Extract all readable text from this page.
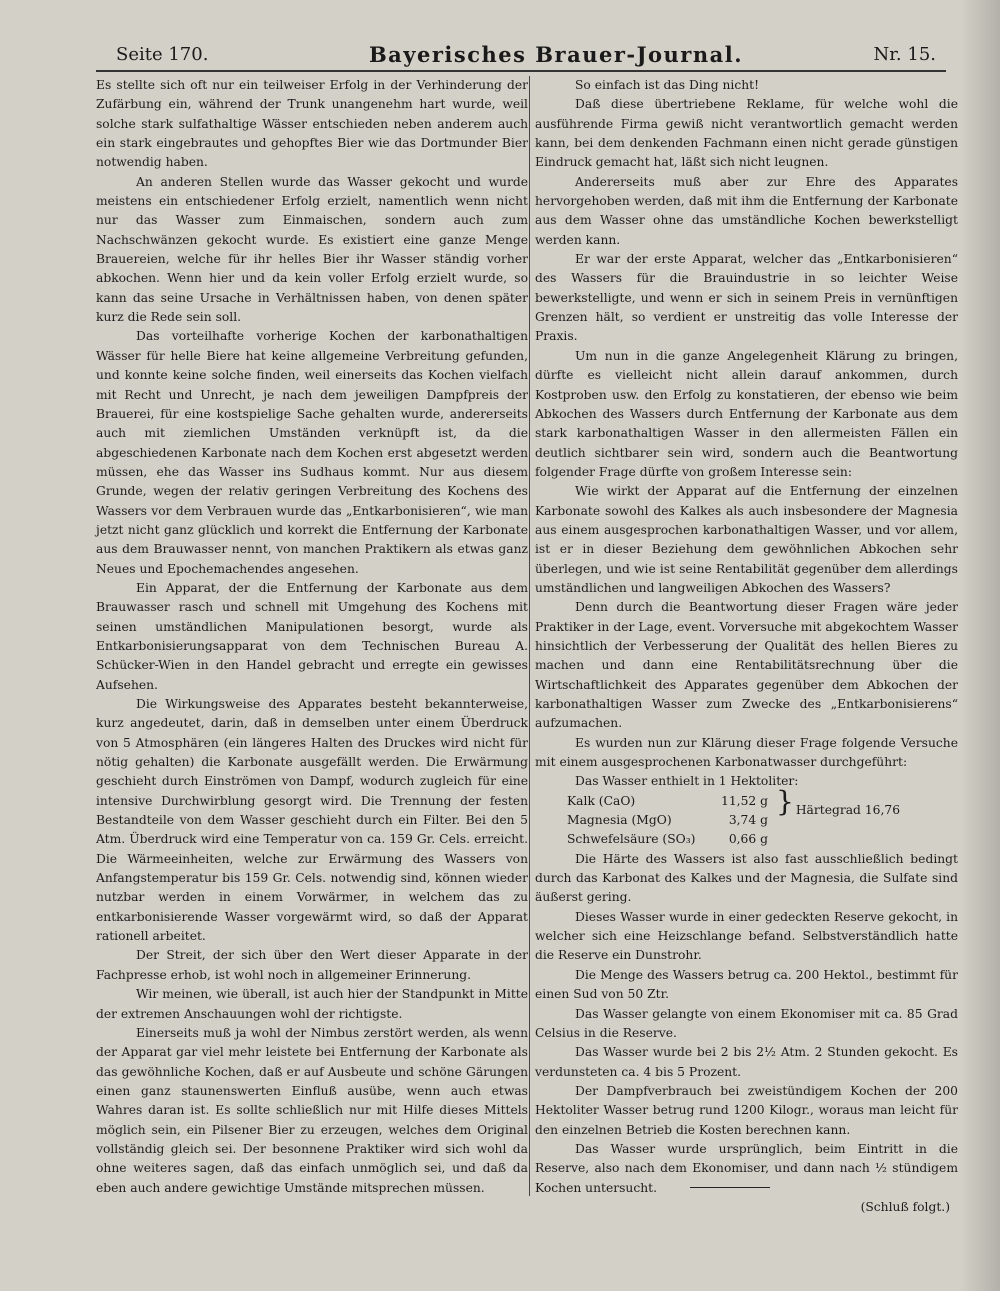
Seite 170.	Bayerisches Brauer-Journal.	Nr. 15.

Es stellte sich oft nur ein teilweiser Erfolg in der Verhinderung der Zufärbung ein, während der Trunk unangenehm hart wurde, weil solche stark sulfathaltige Wässer entschieden neben anderem auch ein stark eingebrautes und gehopftes Bier wie das Dortmunder Bier notwendig haben.

An anderen Stellen wurde das Wasser gekocht und wurde meistens ein entschiedener Erfolg erzielt, namentlich wenn nicht nur das Wasser zum Einmaischen, sondern auch zum Nachschwänzen gekocht wurde. Es existiert eine ganze Menge Brauereien, welche für ihr helles Bier ihr Wasser ständig vorher abkochen. Wenn hier und da kein voller Erfolg erzielt wurde, so kann das seine Ursache in Verhältnissen haben, von denen später kurz die Rede sein soll.

Das vorteilhafte vorherige Kochen der karbonathaltigen Wässer für helle Biere hat keine allgemeine Verbreitung gefunden, und konnte keine solche finden, weil einerseits das Kochen vielfach mit Recht und Unrecht, je nach dem jeweiligen Dampfpreis der Brauerei, für eine kostspielige Sache gehalten wurde, andererseits auch mit ziemlichen Umständen verknüpft ist, da die abgeschiedenen Karbonate nach dem Kochen erst abgesetzt werden müssen, ehe das Wasser ins Sudhaus kommt. Nur aus diesem Grunde, wegen der relativ geringen Verbreitung des Kochens des Wassers vor dem Verbrauen wurde das „Entkarbonisieren“, wie man jetzt nicht ganz glücklich und korrekt die Entfernung der Karbonate aus dem Brauwasser nennt, von manchen Praktikern als etwas ganz Neues und Epochemachendes angesehen.

Ein Apparat, der die Entfernung der Karbonate aus dem Brauwasser rasch und schnell mit Umgehung des Kochens mit seinen umständlichen Manipulationen besorgt, wurde als Entkarbonisierungsapparat von dem Technischen Bureau A. Schücker-Wien in den Handel gebracht und erregte ein gewisses Aufsehen.

Die Wirkungsweise des Apparates besteht bekannterweise, kurz angedeutet, darin, daß in demselben unter einem Überdruck von 5 Atmosphären (ein längeres Halten des Druckes wird nicht für nötig gehalten) die Karbonate ausgefällt werden. Die Erwärmung geschieht durch Einströmen von Dampf, wodurch zugleich für eine intensive Durchwirblung gesorgt wird. Die Trennung der festen Bestandteile von dem Wasser geschieht durch ein Filter. Bei den 5 Atm. Überdruck wird eine Temperatur von ca. 159 Gr. Cels. erreicht. Die Wärmeeinheiten, welche zur Erwärmung des Wassers von Anfangstemperatur bis 159 Gr. Cels. notwendig sind, können wieder nutzbar werden in einem Vorwärmer, in welchem das zu entkarbonisierende Wasser vorgewärmt wird, so daß der Apparat rationell arbeitet.

Der Streit, der sich über den Wert dieser Apparate in der Fachpresse erhob, ist wohl noch in allgemeiner Erinnerung.

Wir meinen, wie überall, ist auch hier der Standpunkt in Mitte der extremen Anschauungen wohl der richtigste.

Einerseits muß ja wohl der Nimbus zerstört werden, als wenn der Apparat gar viel mehr leistete bei Entfernung der Karbonate als das gewöhnliche Kochen, daß er auf Ausbeute und schöne Gärungen einen ganz staunenswerten Einfluß ausübe, wenn auch etwas Wahres daran ist. Es sollte schließlich nur mit Hilfe dieses Mittels möglich sein, ein Pilsener Bier zu erzeugen, welches dem Original vollständig gleich sei. Der besonnene Praktiker wird sich wohl da ohne weiteres sagen, daß das einfach unmöglich sei, und daß da eben auch andere gewichtige Umstände mitsprechen müssen.

So einfach ist das Ding nicht!

Daß diese übertriebene Reklame, für welche wohl die ausführende Firma gewiß nicht verantwortlich gemacht werden kann, bei dem denkenden Fachmann einen nicht gerade günstigen Eindruck gemacht hat, läßt sich nicht leugnen.

Andererseits muß aber zur Ehre des Apparates hervorgehoben werden, daß mit ihm die Entfernung der Karbonate aus dem Wasser ohne das umständliche Kochen bewerkstelligt werden kann.

Er war der erste Apparat, welcher das „Entkarbonisieren“ des Wassers für die Brauindustrie in so leichter Weise bewerkstelligte, und wenn er sich in seinem Preis in vernünftigen Grenzen hält, so verdient er unstreitig das volle Interesse der Praxis.

Um nun in die ganze Angelegenheit Klärung zu bringen, dürfte es vielleicht nicht allein darauf ankommen, durch Kostproben usw. den Erfolg zu konstatieren, der ebenso wie beim Abkochen des Wassers durch Entfernung der Karbonate aus dem stark karbonathaltigen Wasser in den allermeisten Fällen ein deutlich sichtbarer sein wird, sondern auch die Beantwortung folgender Frage dürfte von großem Interesse sein:

Wie wirkt der Apparat auf die Entfernung der einzelnen Karbonate sowohl des Kalkes als auch insbesondere der Magnesia aus einem ausgesprochen karbonathaltigen Wasser, und vor allem, ist er in dieser Beziehung dem gewöhnlichen Abkochen sehr überlegen, und wie ist seine Rentabilität gegenüber dem allerdings umständlichen und langweiligen Abkochen des Wassers?

Denn durch die Beantwortung dieser Fragen wäre jeder Praktiker in der Lage, event. Vorversuche mit abgekochtem Wasser hinsichtlich der Verbesserung der Qualität des hellen Bieres zu machen und dann eine Rentabilitätsrechnung über die Wirtschaftlichkeit des Apparates gegenüber dem Abkochen der karbonathaltigen Wasser zum Zwecke des „Entkarbonisierens“ aufzumachen.

Es wurden nun zur Klärung dieser Frage folgende Versuche mit einem ausgesprochenen Karbonatwasser durchgeführt:

Das Wasser enthielt in 1 Hektoliter:

Kalk (CaO)	11,52 g	}	Härtegrad 16,76
Magnesia (MgO)	3,74 g		
Schwefelsäure (SO₃)	0,66 g		

Die Härte des Wassers ist also fast ausschließlich bedingt durch das Karbonat des Kalkes und der Magnesia, die Sulfate sind äußerst gering.

Dieses Wasser wurde in einer gedeckten Reserve gekocht, in welcher sich eine Heizschlange befand. Selbstverständlich hatte die Reserve ein Dunstrohr.

Die Menge des Wassers betrug ca. 200 Hektol., bestimmt für einen Sud von 50 Ztr.

Das Wasser gelangte von einem Ekonomiser mit ca. 85 Grad Celsius in die Reserve.

Das Wasser wurde bei 2 bis 2½ Atm. 2 Stunden gekocht. Es verdunsteten ca. 4 bis 5 Prozent.

Der Dampfverbrauch bei zweistündigem Kochen der 200 Hektoliter Wasser betrug rund 1200 Kilogr., woraus man leicht für den einzelnen Betrieb die Kosten berechnen kann.

Das Wasser wurde ursprünglich, beim Eintritt in die Reserve, also nach dem Ekonomiser, und dann nach ½ stündigem Kochen untersucht.

(Schluß folgt.)
